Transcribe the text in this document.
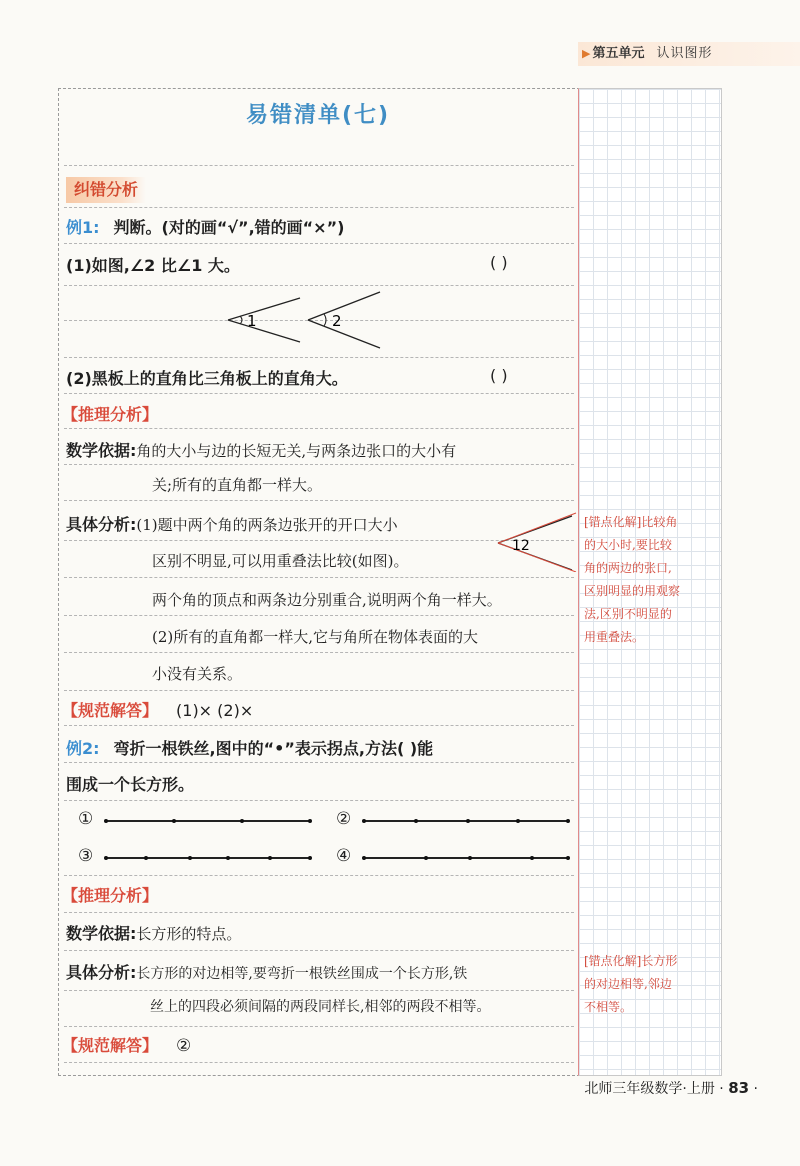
▶ 第五单元 认识图形
易错清单(七)
纠错分析
例1: 判断。(对的画“√”,错的画“×”)
(1)如图,∠2 比∠1 大。	( )
1	2
(2)黑板上的直角比三角板上的直角大。	( )
【推理分析】
数学依据:角的大小与边的长短无关,与两条边张口的大小有
关;所有的直角都一样大。
具体分析:(1)题中两个角的两条边张开的开口大小
12
区别不明显,可以用重叠法比较(如图)。
两个角的顶点和两条边分别重合,说明两个角一样大。
(2)所有的直角都一样大,它与角所在物体表面的大
小没有关系。
【规范解答】 (1)× (2)×
[错点化解]比较角
的大小时,要比较
角的两边的张口,
区别明显的用观察
法,区别不明显的
用重叠法。
例2: 弯折一根铁丝,图中的“•”表示拐点,方法( )能
围成一个长方形。
①	②
③	④
【推理分析】
数学依据:长方形的特点。
具体分析:长方形的对边相等,要弯折一根铁丝围成一个长方形,铁
丝上的四段必须间隔的两段同样长,相邻的两段不相等。
【规范解答】 ②
[错点化解]长方形
的对边相等,邻边
不相等。
北师三年级数学·上册 · 83 ·
